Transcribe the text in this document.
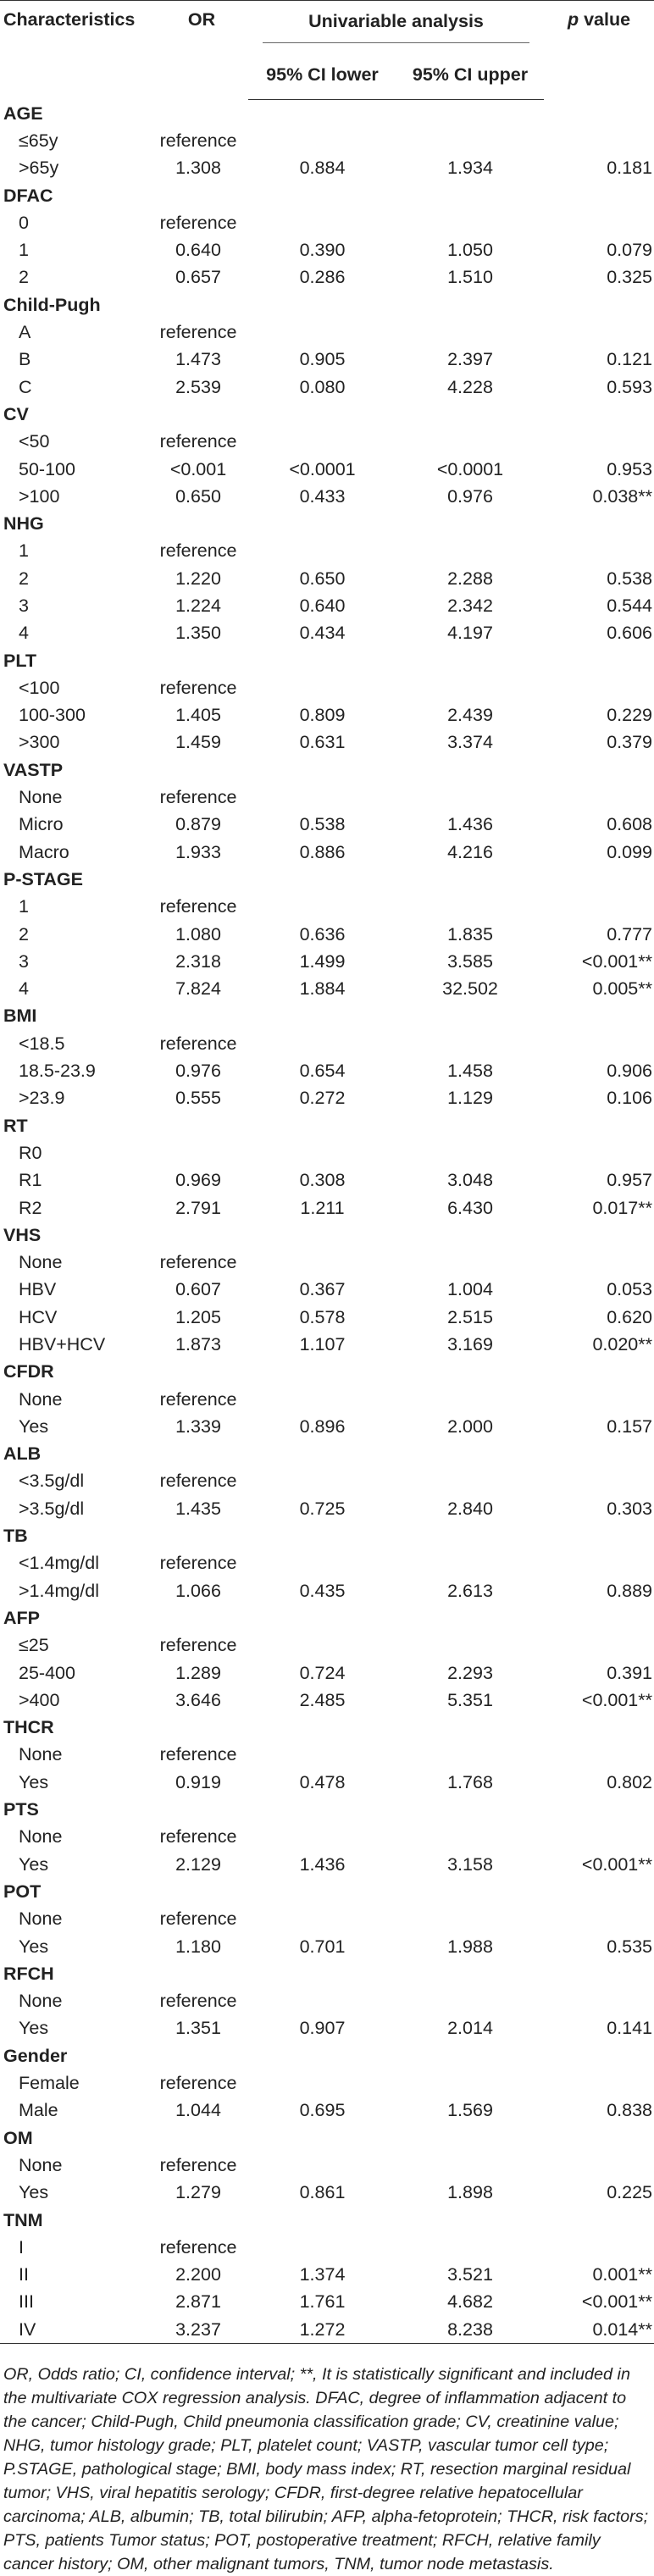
Characteristics	OR	Univariable analysis		p value
		95% CI lower	95% CI upper	
AGE				
≤65y	reference			
>65y	1.308	0.884	1.934	0.181
DFAC				
0	reference			
1	0.640	0.390	1.050	0.079
2	0.657	0.286	1.510	0.325
Child-Pugh				
A	reference			
B	1.473	0.905	2.397	0.121
C	2.539	0.080	4.228	0.593
CV				
<50	reference			
50-100	<0.001	<0.0001	<0.0001	0.953
>100	0.650	0.433	0.976	0.038**
NHG				
1	reference			
2	1.220	0.650	2.288	0.538
3	1.224	0.640	2.342	0.544
4	1.350	0.434	4.197	0.606
PLT				
<100	reference			
100-300	1.405	0.809	2.439	0.229
>300	1.459	0.631	3.374	0.379
VASTP				
None	reference			
Micro	0.879	0.538	1.436	0.608
Macro	1.933	0.886	4.216	0.099
P-STAGE				
1	reference			
2	1.080	0.636	1.835	0.777
3	2.318	1.499	3.585	<0.001**
4	7.824	1.884	32.502	0.005**
BMI				
<18.5	reference			
18.5-23.9	0.976	0.654	1.458	0.906
>23.9	0.555	0.272	1.129	0.106
RT				
R0				
R1	0.969	0.308	3.048	0.957
R2	2.791	1.211	6.430	0.017**
VHS				
None	reference			
HBV	0.607	0.367	1.004	0.053
HCV	1.205	0.578	2.515	0.620
HBV+HCV	1.873	1.107	3.169	0.020**
CFDR				
None	reference			
Yes	1.339	0.896	2.000	0.157
ALB				
<3.5g/dl	reference			
>3.5g/dl	1.435	0.725	2.840	0.303
TB				
<1.4mg/dl	reference			
>1.4mg/dl	1.066	0.435	2.613	0.889
AFP				
≤25	reference			
25-400	1.289	0.724	2.293	0.391
>400	3.646	2.485	5.351	<0.001**
THCR				
None	reference			
Yes	0.919	0.478	1.768	0.802
PTS				
None	reference			
Yes	2.129	1.436	3.158	<0.001**
POT				
None	reference			
Yes	1.180	0.701	1.988	0.535
RFCH				
None	reference			
Yes	1.351	0.907	2.014	0.141
Gender				
Female	reference			
Male	1.044	0.695	1.569	0.838
OM				
None	reference			
Yes	1.279	0.861	1.898	0.225
TNM				
I	reference			
II	2.200	1.374	3.521	0.001**
III	2.871	1.761	4.682	<0.001**
IV	3.237	1.272	8.238	0.014**
OR, Odds ratio; CI, confidence interval; **, It is statistically significant and included in the multivariate COX regression analysis. DFAC, degree of inflammation adjacent to the cancer; Child-Pugh, Child pneumonia classification grade; CV, creatinine value; NHG, tumor histology grade; PLT, platelet count; VASTP, vascular tumor cell type; P.STAGE, pathological stage; BMI, body mass index; RT, resection marginal residual tumor; VHS, viral hepatitis serology; CFDR, first-degree relative hepatocellular carcinoma; ALB, albumin; TB, total bilirubin; AFP, alpha-fetoprotein; THCR, risk factors; PTS, patients Tumor status; POT, postoperative treatment; RFCH, relative family cancer history; OM, other malignant tumors, TNM, tumor node metastasis.
